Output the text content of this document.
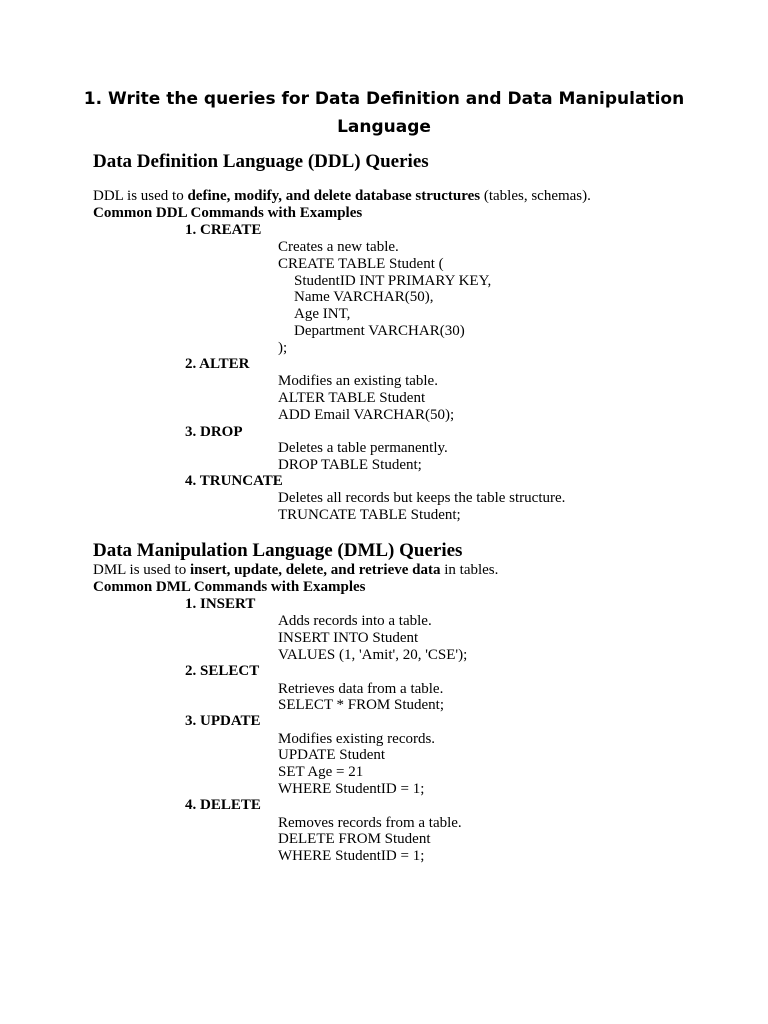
1. Write the queries for Data Definition and Data Manipulation
Language
Data Definition Language (DDL) Queries
DDL is used to define, modify, and delete database structures (tables, schemas).
Common DDL Commands with Examples
1. CREATE
Creates a new table.
CREATE TABLE Student (
StudentID INT PRIMARY KEY,
Name VARCHAR(50),
Age INT,
Department VARCHAR(30)
);
2. ALTER
Modifies an existing table.
ALTER TABLE Student
ADD Email VARCHAR(50);
3. DROP
Deletes a table permanently.
DROP TABLE Student;
4. TRUNCATE
Deletes all records but keeps the table structure.
TRUNCATE TABLE Student;
Data Manipulation Language (DML) Queries
DML is used to insert, update, delete, and retrieve data in tables.
Common DML Commands with Examples
1. INSERT
Adds records into a table.
INSERT INTO Student
VALUES (1, 'Amit', 20, 'CSE');
2. SELECT
Retrieves data from a table.
SELECT * FROM Student;
3. UPDATE
Modifies existing records.
UPDATE Student
SET Age = 21
WHERE StudentID = 1;
4. DELETE
Removes records from a table.
DELETE FROM Student
WHERE StudentID = 1;
